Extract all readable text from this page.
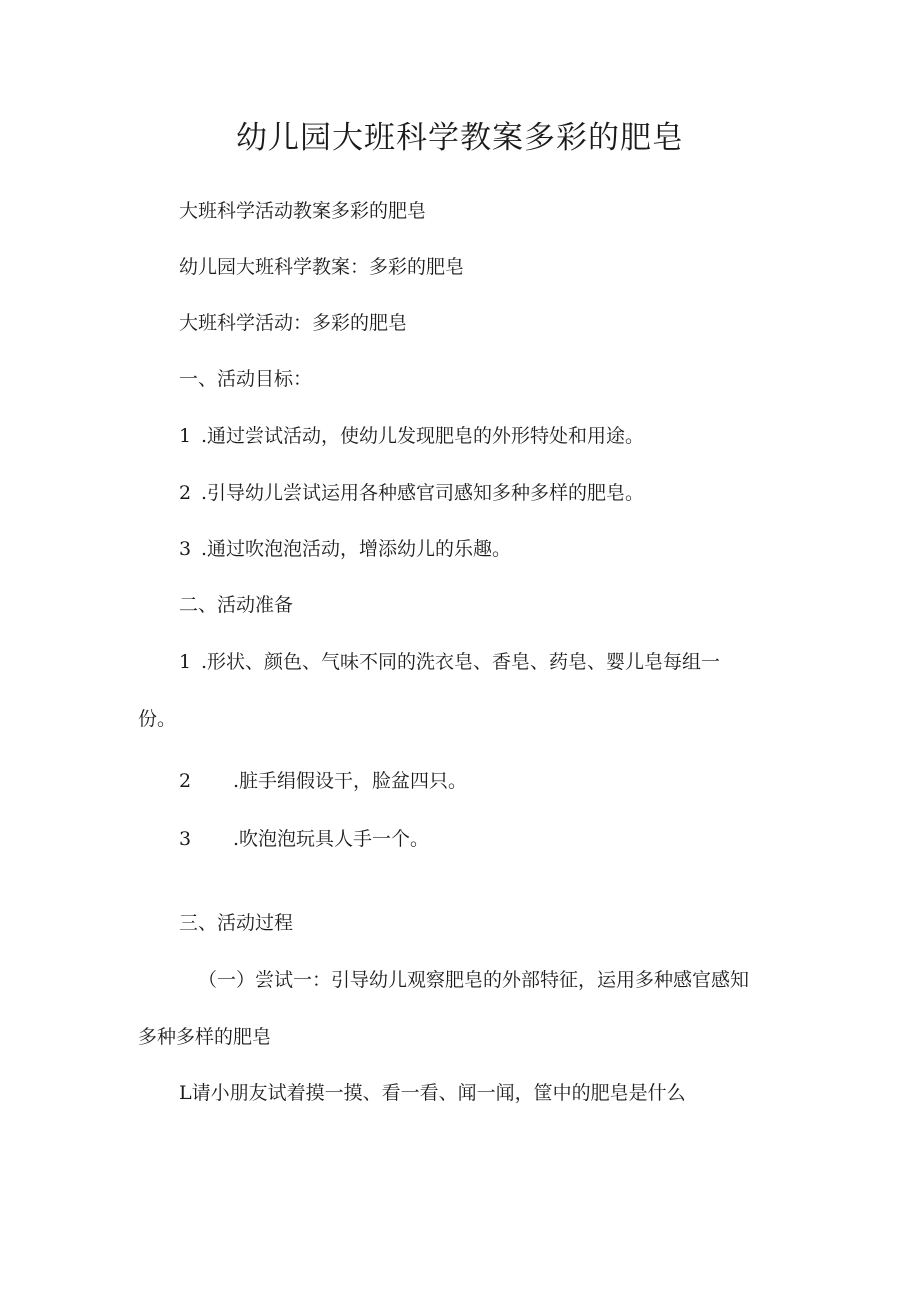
幼儿园大班科学教案多彩的肥皂
大班科学活动教案多彩的肥皂
幼儿园大班科学教案：多彩的肥皂
大班科学活动：多彩的肥皂
一、活动目标：
1 .通过尝试活动，使幼儿发现肥皂的外形特处和用途。
2 .引导幼儿尝试运用各种感官司感知多种多样的肥皂。
3 .通过吹泡泡活动，增添幼儿的乐趣。
二、活动准备
1 .形状、颜色、气味不同的洗衣皂、香皂、药皂、婴儿皂每组一
份。
2 .脏手绢假设干，脸盆四只。
3 .吹泡泡玩具人手一个。
三、活动过程
（一）尝试一：引导幼儿观察肥皂的外部特征，运用多种感官感知
多种多样的肥皂
L请小朋友试着摸一摸、看一看、闻一闻，筐中的肥皂是什么
